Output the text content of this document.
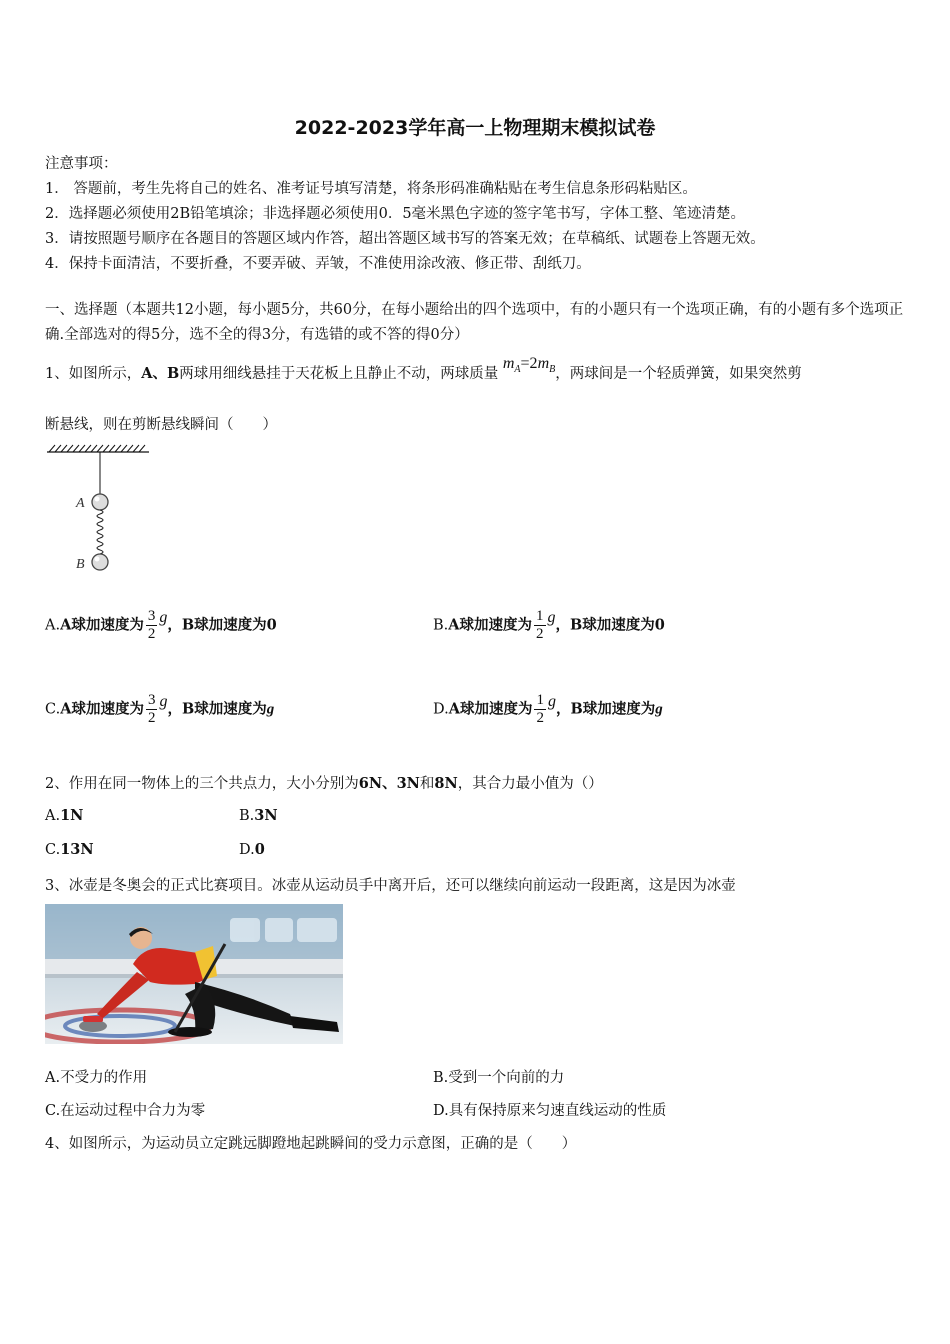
2022-2023学年高一上物理期末模拟试卷
注意事项：
1． 答题前，考生先将自己的姓名、准考证号填写清楚，将条形码准确粘贴在考生信息条形码粘贴区。
2．选择题必须使用2B铅笔填涂；非选择题必须使用0．5毫米黑色字迹的签字笔书写，字体工整、笔迹清楚。
3．请按照题号顺序在各题目的答题区域内作答，超出答题区域书写的答案无效；在草稿纸、试题卷上答题无效。
4．保持卡面清洁，不要折叠，不要弄破、弄皱，不准使用涂改液、修正带、刮纸刀。
一、选择题（本题共12小题，每小题5分，共60分，在每小题给出的四个选项中，有的小题只有一个选项正确，有的小题有多个选项正确.全部选对的得5分，选不全的得3分，有选错的或不答的得0分）
1、如图所示，A、B两球用细线悬挂于天花板上且静止不动，两球质量 $m_A=2m_B$，两球间是一个轻质弹簧，如果突然剪
断悬线，则在剪断悬线瞬间（　　）
A
B
A.A球加速度为 $\frac{3}{2}$ g，B球加速度为0	B.A球加速度为 $\frac{1}{2}$ g，B球加速度为0
C.A球加速度为 $\frac{3}{2}$ g，B球加速度为g	D.A球加速度为 $\frac{1}{2}$ g，B球加速度为g
2、作用在同一物体上的三个共点力，大小分别为6N、3N和8N，其合力最小值为（）
A.1N	B.3N
C.13N	D.0
3、冰壶是冬奥会的正式比赛项目。冰壶从运动员手中离开后，还可以继续向前运动一段距离，这是因为冰壶
A.不受力的作用	B.受到一个向前的力
C.在运动过程中合力为零	D.具有保持原来匀速直线运动的性质
4、如图所示，为运动员立定跳远脚蹬地起跳瞬间的受力示意图，正确的是（　　）
